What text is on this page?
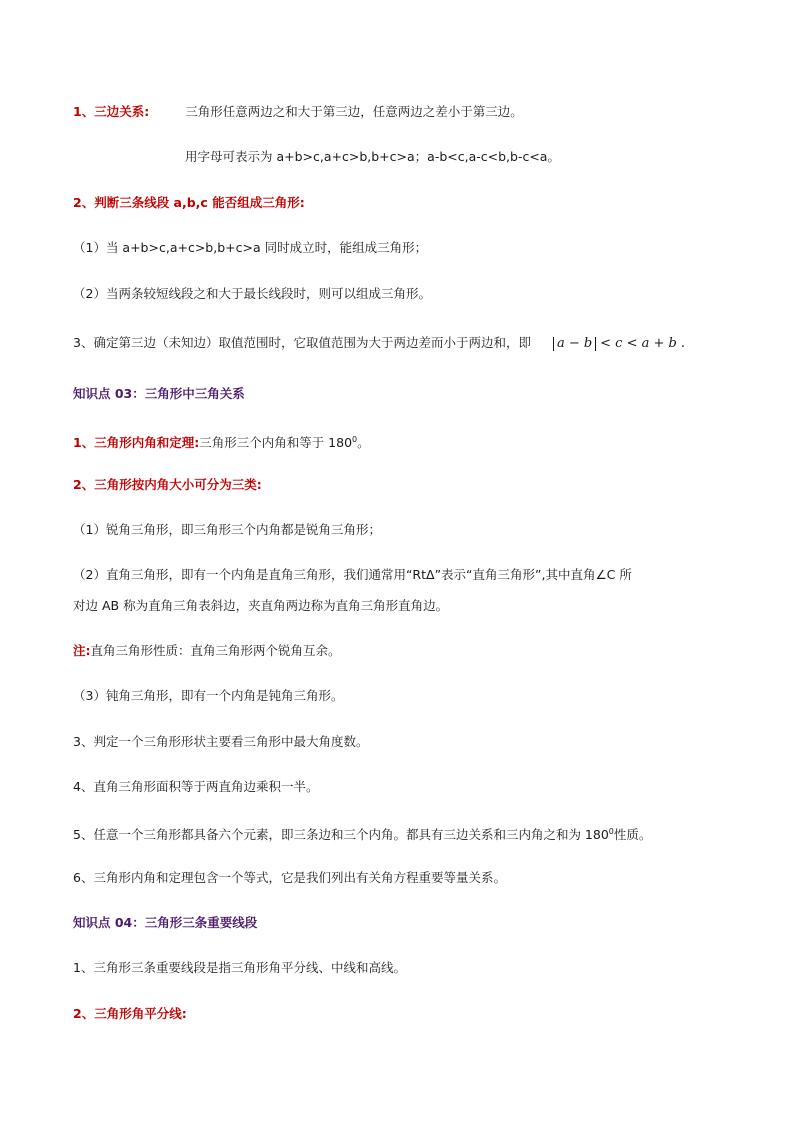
1、三边关系:	三角形任意两边之和大于第三边，任意两边之差小于第三边。
用字母可表示为 a+b>c,a+c>b,b+c>a；a-b<c,a-c<b,b-c<a。
2、判断三条线段 a,b,c 能否组成三角形:
（1）当 a+b>c,a+c>b,b+c>a 同时成立时，能组成三角形；
（2）当两条较短线段之和大于最长线段时，则可以组成三角形。
3、确定第三边（未知边）取值范围时，它取值范围为大于两边差而小于两边和，即 a − b < c < a + b .
知识点 03：三角形中三角关系
1、三角形内角和定理:三角形三个内角和等于 $180^0$。
2、三角形按内角大小可分为三类:
（1）锐角三角形，即三角形三个内角都是锐角三角形；
（2）直角三角形，即有一个内角是直角三角形，我们通常用“RtΔ”表示“直角三角形”,其中直角∠C 所
对边 AB 称为直角三角表斜边，夹直角两边称为直角三角形直角边。
注:直角三角形性质：直角三角形两个锐角互余。
（3）钝角三角形，即有一个内角是钝角三角形。
3、判定一个三角形形状主要看三角形中最大角度数。
4、直角三角形面积等于两直角边乘积一半。
5、任意一个三角形都具备六个元素，即三条边和三个内角。都具有三边关系和三内角之和为 $180^0$性质。
6、三角形内角和定理包含一个等式，它是我们列出有关角方程重要等量关系。
知识点 04：三角形三条重要线段
1、三角形三条重要线段是指三角形角平分线、中线和高线。
2、三角形角平分线:
